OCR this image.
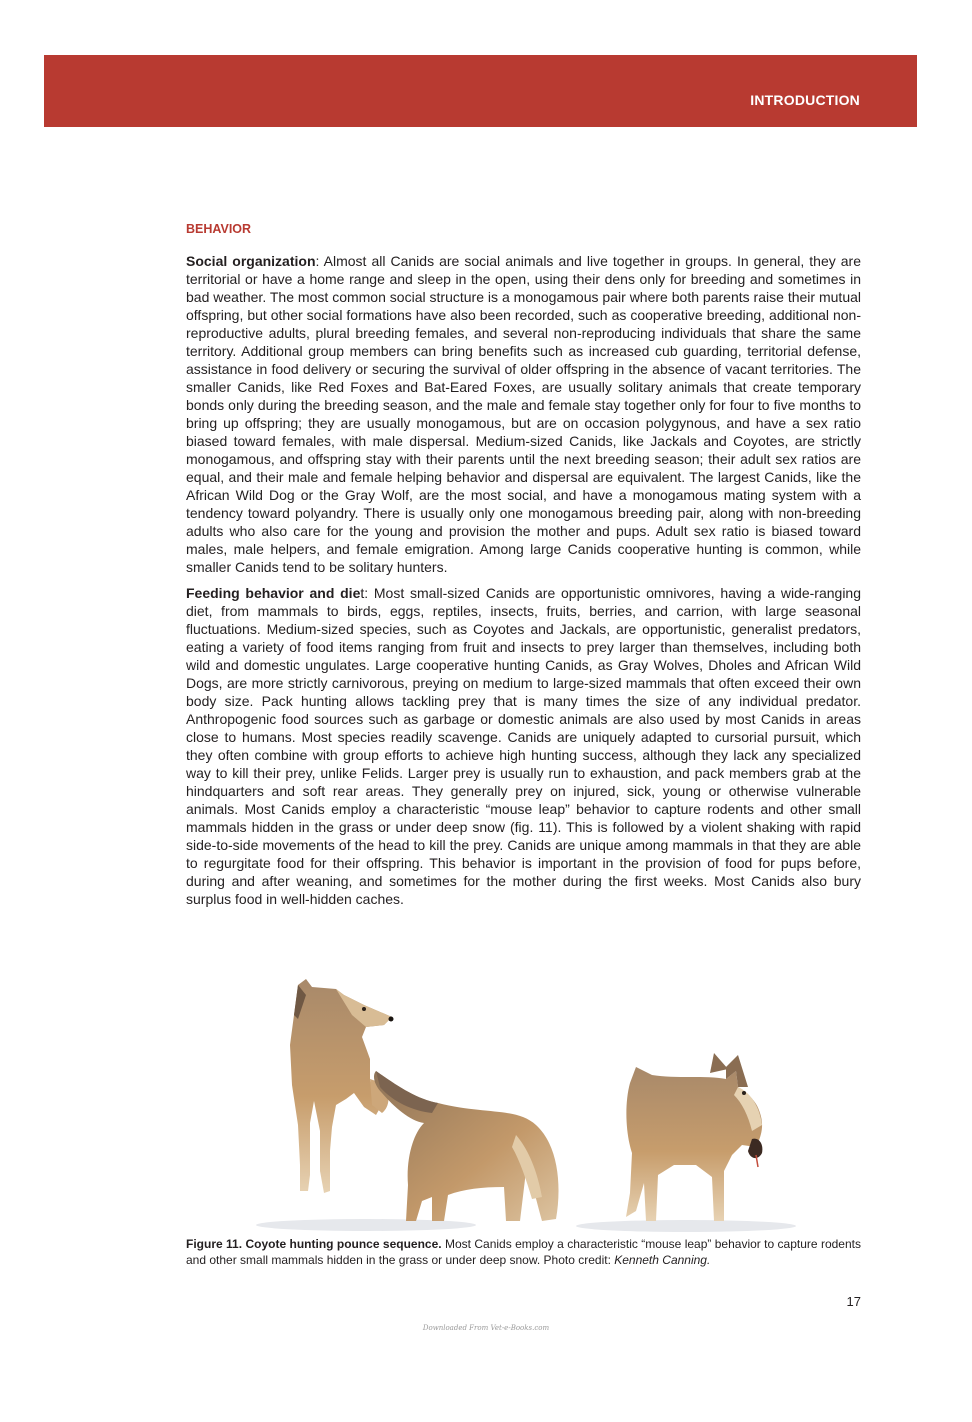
INTRODUCTION
BEHAVIOR

Social organization: Almost all Canids are social animals and live together in groups. In general, they are territorial or have a home range and sleep in the open, using their dens only for breeding and sometimes in bad weather. The most common social structure is a monogamous pair where both parents raise their mutual offspring, but other social formations have also been recorded, such as cooperative breeding, additional non-reproductive adults, plural breeding females, and several non-reproducing individuals that share the same territory. Additional group members can bring benefits such as increased cub guarding, territorial defense, assistance in food delivery or securing the survival of older offspring in the absence of vacant territories. The smaller Canids, like Red Foxes and Bat-Eared Foxes, are usually solitary animals that create temporary bonds only during the breeding season, and the male and female stay together only for four to five months to bring up offspring; they are usually monogamous, but are on occasion polygynous, and have a sex ratio biased toward females, with male dispersal. Medium-sized Canids, like Jackals and Coyotes, are strictly monogamous, and offspring stay with their parents until the next breeding season; their adult sex ratios are equal, and their male and female helping behavior and dispersal are equivalent. The largest Canids, like the African Wild Dog or the Gray Wolf, are the most social, and have a monogamous mating system with a tendency toward polyandry. There is usually only one monogamous breeding pair, along with non-breeding adults who also care for the young and provision the mother and pups. Adult sex ratio is biased toward males, male helpers, and female emigration. Among large Canids cooperative hunting is common, while smaller Canids tend to be solitary hunters.

Feeding behavior and diet: Most small-sized Canids are opportunistic omnivores, having a wide-ranging diet, from mammals to birds, eggs, reptiles, insects, fruits, berries, and carrion, with large seasonal fluctuations. Medium-sized species, such as Coyotes and Jackals, are opportunistic, generalist predators, eating a variety of food items ranging from fruit and insects to prey larger than themselves, including both wild and domestic ungulates. Large cooperative hunting Canids, as Gray Wolves, Dholes and African Wild Dogs, are more strictly carnivorous, preying on medium to large-sized mammals that often exceed their own body size. Pack hunting allows tackling prey that is many times the size of any individual predator. Anthropogenic food sources such as garbage or domestic animals are also used by most Canids in areas close to humans. Most species readily scavenge. Canids are uniquely adapted to cursorial pursuit, which they often combine with group efforts to achieve high hunting success, although they lack any specialized way to kill their prey, unlike Felids. Larger prey is usually run to exhaustion, and pack members grab at the hindquarters and soft rear areas. They generally prey on injured, sick, young or otherwise vulnerable animals. Most Canids employ a characteristic “mouse leap” behavior to capture rodents and other small mammals hidden in the grass or under deep snow (fig. 11). This is followed by a violent shaking with rapid side-to-side movements of the head to kill the prey. Canids are unique among mammals in that they are able to regurgitate food for their offspring. This behavior is important in the provision of food for pups before, during and after weaning, and sometimes for the mother during the first weeks. Most Canids also bury surplus food in well-hidden caches.

Figure 11. Coyote hunting pounce sequence. Most Canids employ a characteristic “mouse leap” behavior to capture rodents and other small mammals hidden in the grass or under deep snow. Photo credit: Kenneth Canning.
17
Downloaded From Vet-e-Books.com
